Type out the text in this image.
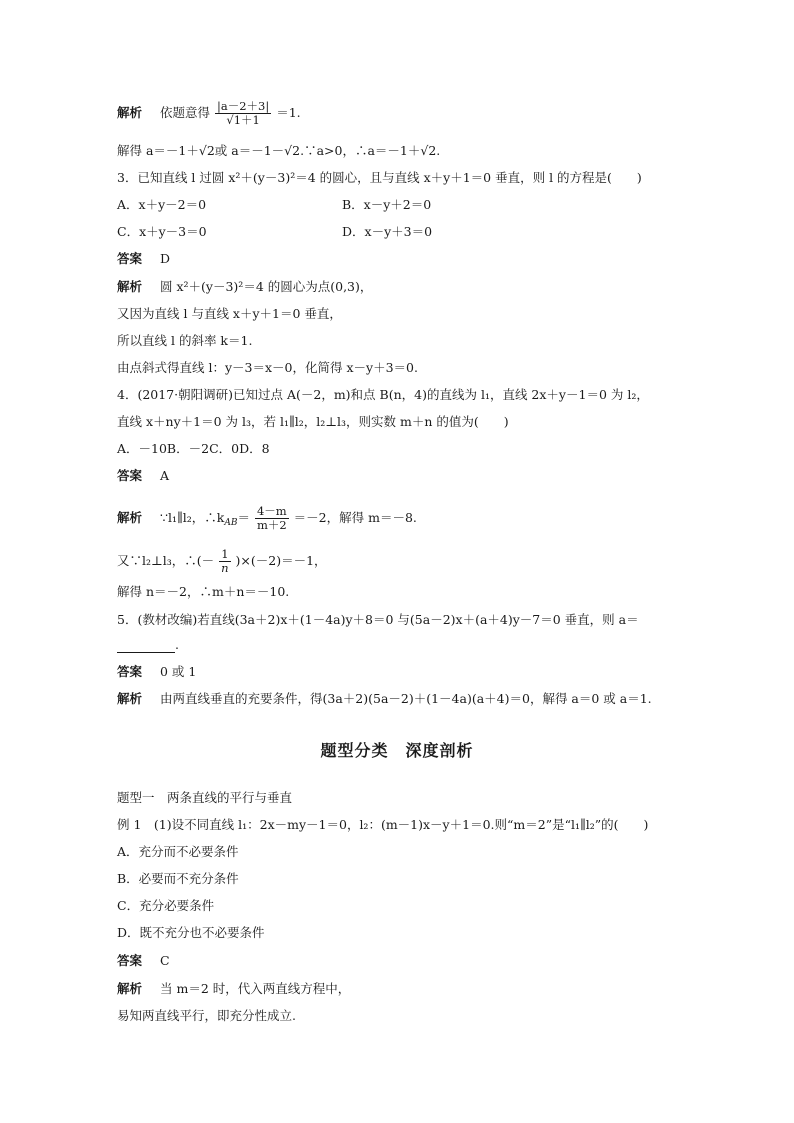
解析 依题意得 $\frac{|a-2+3|}{√1+1} =1$.
解得 a＝－1＋√2或 a＝－1－√2.∵a>0，∴a＝－1＋√2.
3．已知直线 l 过圆 x²＋(y－3)²＝4 的圆心，且与直线 x＋y＋1＝0 垂直，则 l 的方程是(　　)
A．x＋y－2＝0	B．x－y＋2＝0
C．x＋y－3＝0	D．x－y＋3＝0
答案 D
解析 圆 x²＋(y－3)²＝4 的圆心为点(0,3)，
又因为直线 l 与直线 x＋y＋1＝0 垂直，
所以直线 l 的斜率 k＝1.
由点斜式得直线 l：y－3＝x－0，化简得 x－y＋3＝0.
4．(2017·朝阳调研)已知过点 A(－2，m)和点 B(n，4)的直线为 l₁，直线 2x＋y－1＝0 为 l₂，
直线 x＋ny＋1＝0 为 l₃，若 l₁∥l₂，l₂⊥l₃，则实数 m＋n 的值为(　　)
A．－10B．－2C．0D．8
答案 A
解析 ∵l₁∥l₂，$\therefore k_{AB}= \frac{4-m}{m+2} =-2$，解得 m＝－8.
又∵l₂⊥l₃，∴(－ $\frac{1}{n} )\times(-2)=-1$，
解得 n＝－2，∴m＋n＝－10.
5．(教材改编)若直线(3a＋2)x＋(1－4a)y＋8＝0 与(5a－2)x＋(a＋4)y－7＝0 垂直，则 a＝
.
答案 0 或 1
解析 由两直线垂直的充要条件，得(3a＋2)(5a－2)＋(1－4a)(a＋4)＝0，解得 a＝0 或 a＝1.
题型分类　深度剖析
题型一　两条直线的平行与垂直
例 1　(1)设不同直线 l₁：2x－my－1＝0，l₂：(m－1)x－y＋1＝0.则“m＝2”是“l₁∥l₂”的(　　)
A．充分而不必要条件
B．必要而不充分条件
C．充分必要条件
D．既不充分也不必要条件
答案 C
解析 当 m＝2 时，代入两直线方程中，
易知两直线平行，即充分性成立.
